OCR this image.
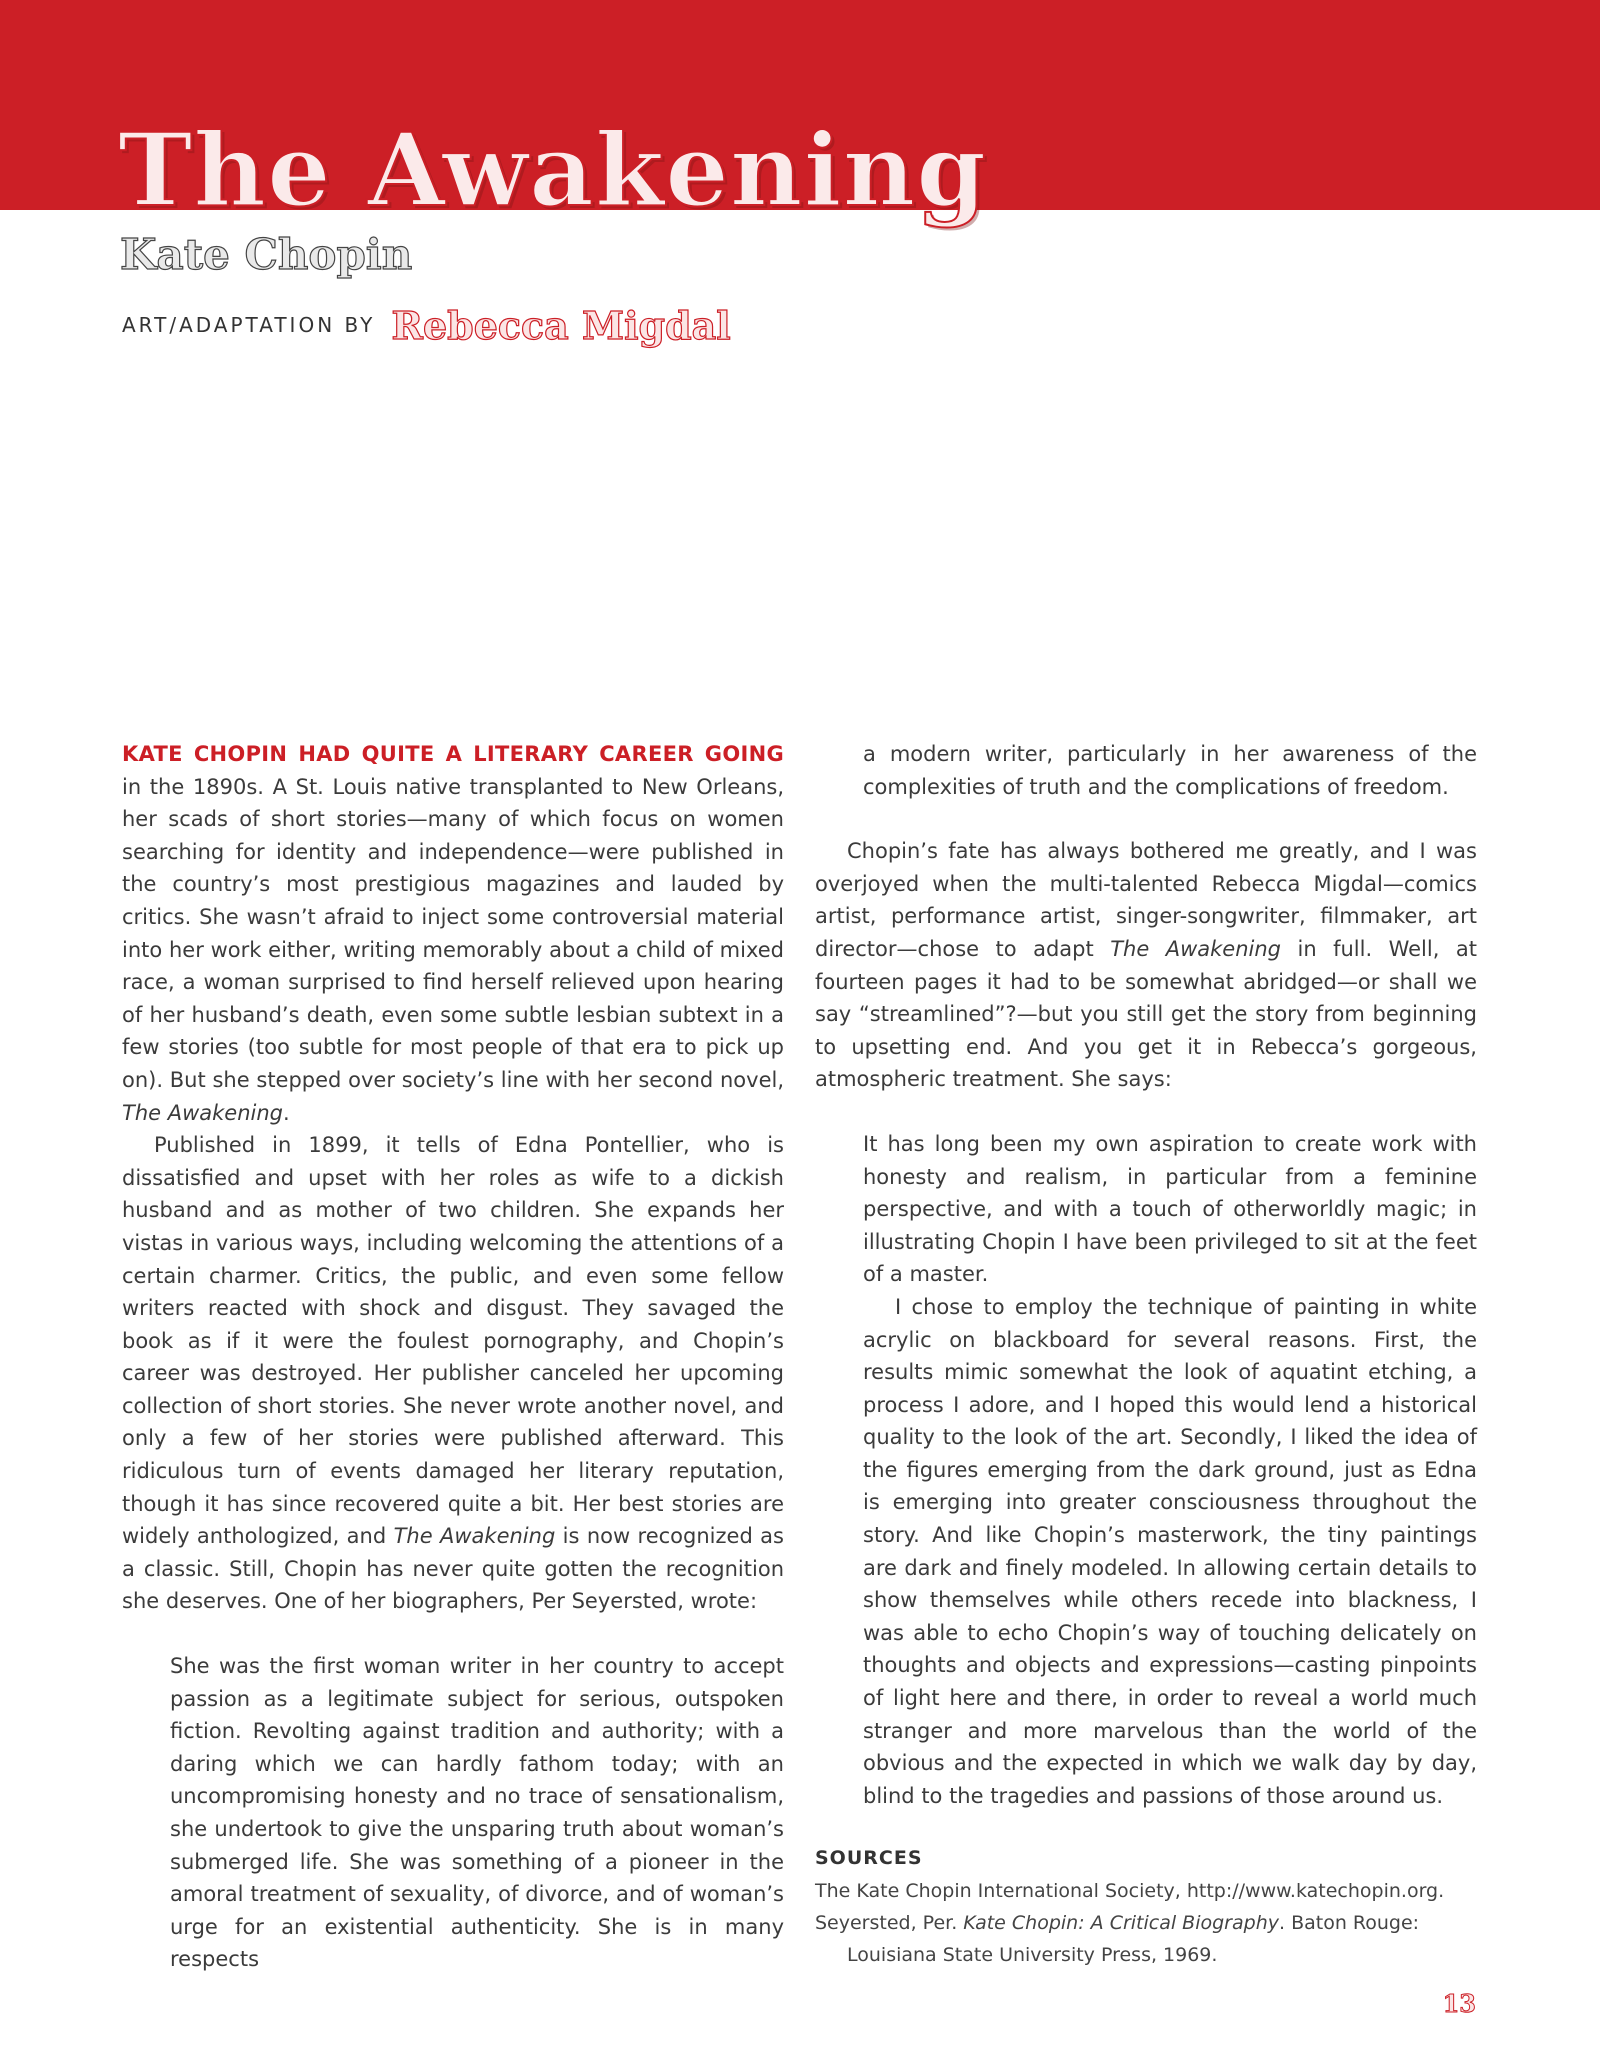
The Awakening
Kate Chopin
ART/ADAPTATION BY Rebecca Migdal

KATE CHOPIN HAD QUITE A LITERARY CAREER GOING in the 1890s. A St. Louis native transplanted to New Orleans, her scads of short stories—many of which focus on women searching for identity and independence—were published in the country’s most prestigious magazines and lauded by critics. She wasn’t afraid to inject some controversial material into her work either, writing memorably about a child of mixed race, a woman surprised to find herself relieved upon hearing of her husband’s death, even some subtle lesbian subtext in a few stories (too subtle for most people of that era to pick up on). But she stepped over society’s line with her second novel, The Awakening.

Published in 1899, it tells of Edna Pontellier, who is dissatisfied and upset with her roles as wife to a dickish husband and as mother of two children. She expands her vistas in various ways, including welcoming the attentions of a certain charmer. Critics, the public, and even some fellow writers reacted with shock and disgust. They savaged the book as if it were the foulest pornography, and Chopin’s career was destroyed. Her publisher canceled her upcoming collection of short stories. She never wrote another novel, and only a few of her stories were published afterward. This ridiculous turn of events damaged her literary reputation, though it has since recovered quite a bit. Her best stories are widely anthologized, and The Awakening is now recognized as a classic. Still, Chopin has never quite gotten the recognition she deserves. One of her biographers, Per Seyersted, wrote:

She was the first woman writer in her country to accept passion as a legitimate subject for serious, outspoken fiction. Revolting against tradition and authority; with a daring which we can hardly fathom today; with an uncompromising honesty and no trace of sensationalism, she undertook to give the unsparing truth about woman’s submerged life. She was something of a pioneer in the amoral treatment of sexuality, of divorce, and of woman’s urge for an existential authenticity. She is in many respects

a modern writer, particularly in her awareness of the complexities of truth and the complications of freedom.

Chopin’s fate has always bothered me greatly, and I was overjoyed when the multi-talented Rebecca Migdal—comics artist, performance artist, singer-songwriter, filmmaker, art director—chose to adapt The Awakening in full. Well, at fourteen pages it had to be somewhat abridged—or shall we say “streamlined”?—but you still get the story from beginning to upsetting end. And you get it in Rebecca’s gorgeous, atmospheric treatment. She says:

It has long been my own aspiration to create work with honesty and realism, in particular from a feminine perspective, and with a touch of otherworldly magic; in illustrating Chopin I have been privileged to sit at the feet of a master.

I chose to employ the technique of painting in white acrylic on blackboard for several reasons. First, the results mimic somewhat the look of aquatint etching, a process I adore, and I hoped this would lend a historical quality to the look of the art. Secondly, I liked the idea of the figures emerging from the dark ground, just as Edna is emerging into greater consciousness throughout the story. And like Chopin’s masterwork, the tiny paintings are dark and finely modeled. In allowing certain details to show themselves while others recede into blackness, I was able to echo Chopin’s way of touching delicately on thoughts and objects and expressions—casting pinpoints of light here and there, in order to reveal a world much stranger and more marvelous than the world of the obvious and the expected in which we walk day by day, blind to the tragedies and passions of those around us.

SOURCES

The Kate Chopin International Society, http://www.katechopin.org.

Seyersted, Per. Kate Chopin: A Critical Biography. Baton Rouge: Louisiana State University Press, 1969.

13
